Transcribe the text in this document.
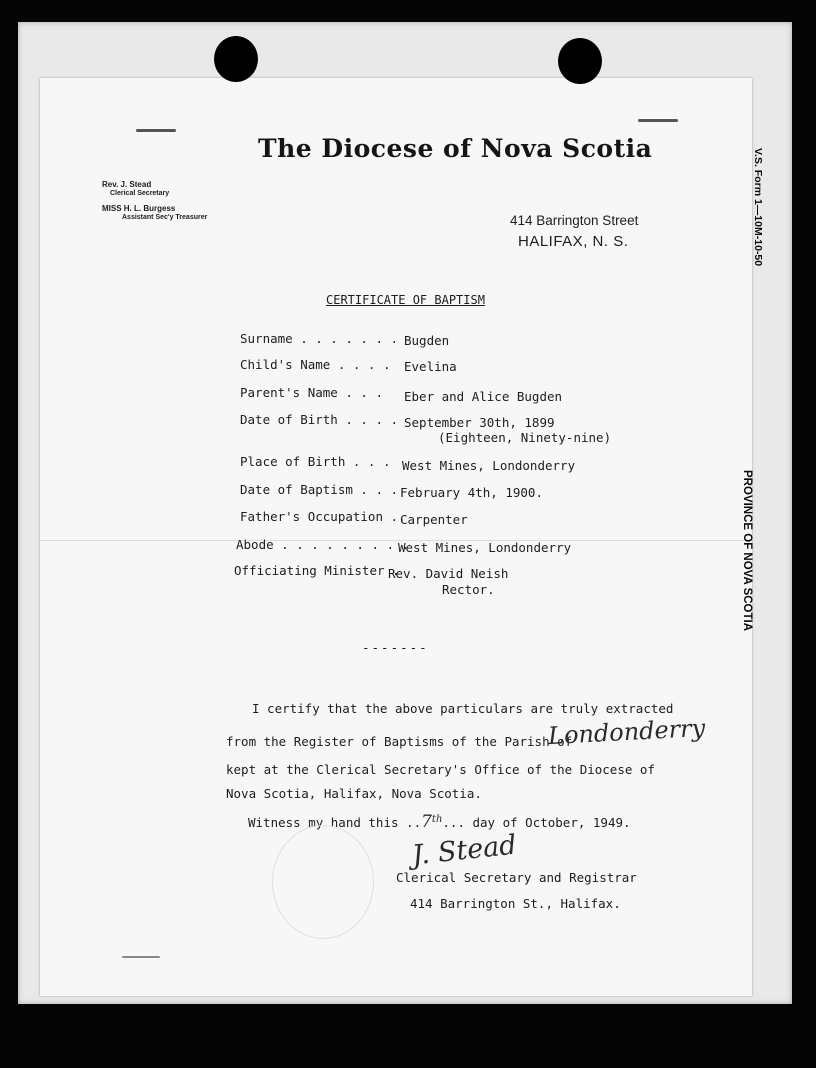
The Diocese of Nova Scotia
Rev. J. Stead
Clerical Secretary
MISS H. L. Burgess
Assistant Sec'y Treasurer	414 Barrington Street
HALIFAX, N. S.	V.S. Form 1—10M-10-50
PROVINCE OF NOVA SCOTIA
CERTIFICATE OF BAPTISM
Surname . . . . . . . Bugden
Child's Name . . . . Evelina
Parent's Name . . . Eber and Alice Bugden
Date of Birth . . . . September 30th, 1899
(Eighteen, Ninety-nine)
Place of Birth . . . West Mines, Londonderry
Date of Baptism . . . February 4th, 1900.
Father's Occupation ..
Carpenter
Abode . . . . . . . . .
West Mines, Londonderry
Officiating Minister .
Rev. David Neish
Rector.
-------
I certify that the above particulars are truly extracted
from the Register of Baptisms of the Parish of
Londonderry
kept at the Clerical Secretary's Office of the Diocese of
Nova Scotia, Halifax, Nova Scotia.
Witness my hand this ..7th... day of October, 1949.
J. Stead
Clerical Secretary and Registrar
414 Barrington St., Halifax.
